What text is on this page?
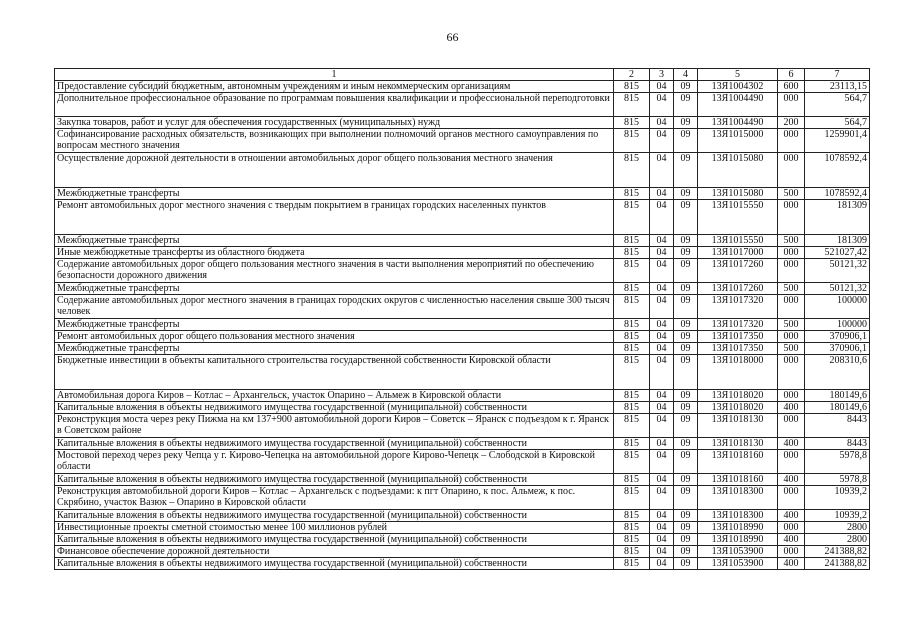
66
1	2	3	4	5	6	7
Предоставление субсидий бюджетным, автономным учреждениям и иным некоммерческим организациям	815	04	09	13Я1004302	600	23113,15
Дополнительное профессиональное образование по программам повышения квалификации и профессиональной переподготовки	815	04	09	13Я1004490	000	564,7
Закупка товаров, работ и услуг для обеспечения государственных (муниципальных) нужд	815	04	09	13Я1004490	200	564,7
Софинансирование расходных обязательств, возникающих при выполнении полномочий органов местного самоуправления по вопросам местного значения	815	04	09	13Я1015000	000	1259901,4
Осуществление дорожной деятельности в отношении автомобильных дорог общего пользования местного значения	815	04	09	13Я1015080	000	1078592,4
Межбюджетные трансферты	815	04	09	13Я1015080	500	1078592,4
Ремонт автомобильных дорог местного значения с твердым покрытием в границах городских населенных пунктов	815	04	09	13Я1015550	000	181309
Межбюджетные трансферты	815	04	09	13Я1015550	500	181309
Иные межбюджетные трансферты из областного бюджета	815	04	09	13Я1017000	000	521027,42
Содержание автомобильных дорог общего пользования местного значения в части выполнения мероприятий по обеспечению безопасности дорожного движения	815	04	09	13Я1017260	000	50121,32
Межбюджетные трансферты	815	04	09	13Я1017260	500	50121,32
Содержание автомобильных дорог местного значения в границах городских округов с численностью населения свыше 300 тысяч человек	815	04	09	13Я1017320	000	100000
Межбюджетные трансферты	815	04	09	13Я1017320	500	100000
Ремонт автомобильных дорог общего пользования местного значения	815	04	09	13Я1017350	000	370906,1
Межбюджетные трансферты	815	04	09	13Я1017350	500	370906,1
Бюджетные инвестиции в объекты капитального строительства государственной собственности Кировской области	815	04	09	13Я1018000	000	208310,6
Автомобильная дорога Киров – Котлас – Архангельск, участок Опарино – Альмеж в Кировской области	815	04	09	13Я1018020	000	180149,6
Капитальные вложения в объекты недвижимого имущества государственной (муниципальной) собственности	815	04	09	13Я1018020	400	180149,6
Реконструкция моста через реку Пижма на км 137+900 автомобильной дороги Киров – Советск – Яранск с подъездом к г. Яранск в Советском районе	815	04	09	13Я1018130	000	8443
Капитальные вложения в объекты недвижимого имущества государственной (муниципальной) собственности	815	04	09	13Я1018130	400	8443
Мостовой переход через реку Чепца у г. Кирово-Чепецка на автомобильной дороге Кирово-Чепецк – Слободской в Кировской области	815	04	09	13Я1018160	000	5978,8
Капитальные вложения в объекты недвижимого имущества государственной (муниципальной) собственности	815	04	09	13Я1018160	400	5978,8
Реконструкция автомобильной дороги Киров – Котлас – Архангельск с подъездами: к пгт Опарино, к пос. Альмеж, к пос. Скрябино, участок Вазюк – Опарино в Кировской области	815	04	09	13Я1018300	000	10939,2
Капитальные вложения в объекты недвижимого имущества государственной (муниципальной) собственности	815	04	09	13Я1018300	400	10939,2
Инвестиционные проекты сметной стоимостью менее 100 миллионов рублей	815	04	09	13Я1018990	000	2800
Капитальные вложения в объекты недвижимого имущества государственной (муниципальной) собственности	815	04	09	13Я1018990	400	2800
Финансовое обеспечение дорожной деятельности	815	04	09	13Я1053900	000	241388,82
Капитальные вложения в объекты недвижимого имущества государственной (муниципальной) собственности	815	04	09	13Я1053900	400	241388,82
